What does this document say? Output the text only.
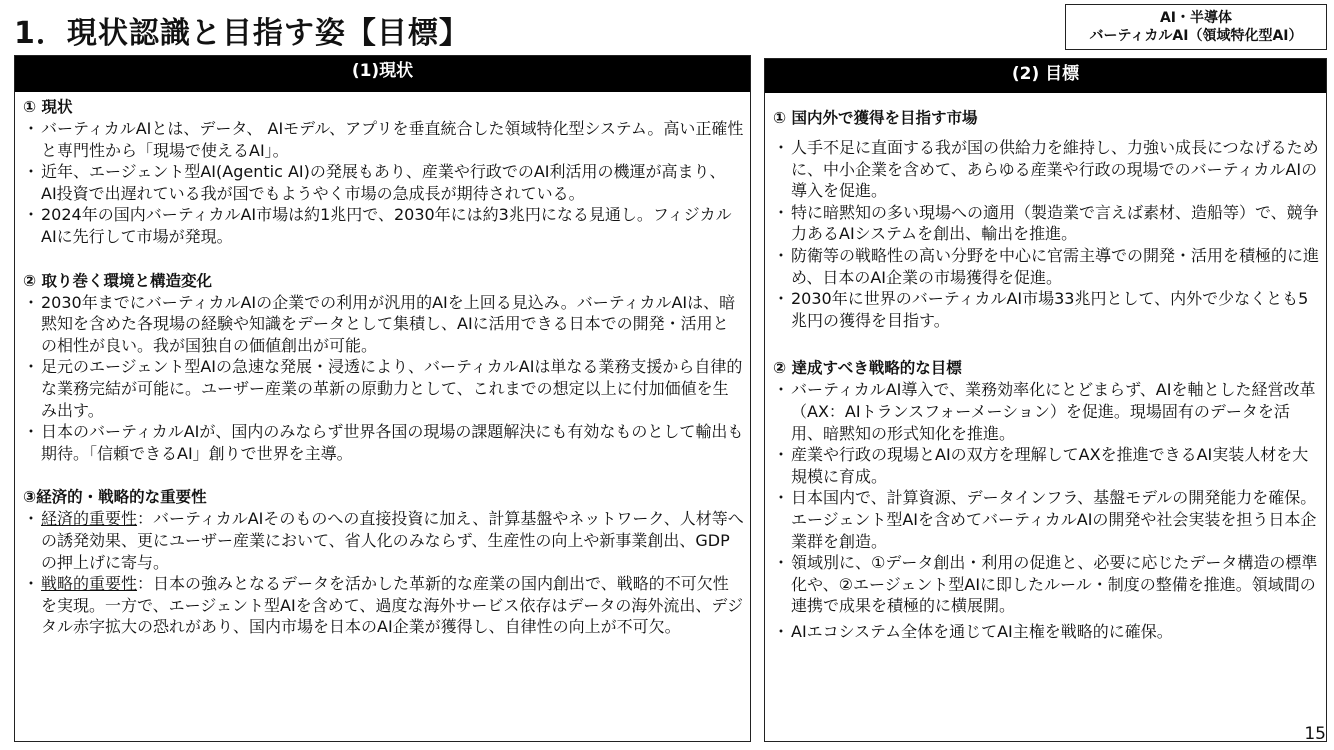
1．現状認識と目指す姿【目標】	AI・半導体
バーティカルAI（領域特化型AI）
(1)現状

① 現状

・ バーティカルAIとは、データ、 AIモデル、アプリを垂直統合した領域特化型システム。高い正確性と専門性から「現場で使えるAI」。

・ 近年、エージェント型AI(Agentic AI)の発展もあり、産業や行政でのAI利活用の機運が高まり、 AI投資で出遅れている我が国でもようやく市場の急成長が期待されている。

・ 2024年の国内バーティカルAI市場は約1兆円で、2030年には約3兆円になる見通し。フィジカルAIに先行して市場が発現。

② 取り巻く環境と構造変化

・ 2030年までにバーティカルAIの企業での利用が汎用的AIを上回る見込み。バーティカルAIは、暗黙知を含めた各現場の経験や知識をデータとして集積し、AIに活用できる日本での開発・活用との相性が良い。我が国独自の価値創出が可能。

・ 足元のエージェント型AIの急速な発展・浸透により、バーティカルAIは単なる業務支援から自律的な業務完結が可能に。ユーザー産業の革新の原動力として、これまでの想定以上に付加価値を生み出す。

・ 日本のバーティカルAIが、国内のみならず世界各国の現場の課題解決にも有効なものとして輸出も期待。「信頼できるAI」創りで世界を主導。

③経済的・戦略的な重要性

・ 経済的重要性：バーティカルAIそのものへの直接投資に加え、計算基盤やネットワーク、人材等への誘発効果、更にユーザー産業において、省人化のみならず、生産性の向上や新事業創出、GDPの押上げに寄与。

・ 戦略的重要性：日本の強みとなるデータを活かした革新的な産業の国内創出で、戦略的不可欠性を実現。一方で、エージェント型AIを含めて、過度な海外サービス依存はデータの海外流出、デジタル赤字拡大の恐れがあり、国内市場を日本のAI企業が獲得し、自律性の向上が不可欠。

(2) 目標

① 国内外で獲得を目指す市場

・ 人手不足に直面する我が国の供給力を維持し、力強い成長につなげるために、中小企業を含めて、あらゆる産業や行政の現場でのバーティカルAIの導入を促進。

・ 特に暗黙知の多い現場への適用（製造業で言えば素材、造船等）で、競争力あるAIシステムを創出、輸出を推進。

・ 防衛等の戦略性の高い分野を中心に官需主導での開発・活用を積極的に進め、日本のAI企業の市場獲得を促進。

・ 2030年に世界のバーティカルAI市場33兆円として、内外で少なくとも5兆円の獲得を目指す。

② 達成すべき戦略的な目標

・ バーティカルAI導入で、業務効率化にとどまらず、AIを軸とした経営改革（AX：AIトランスフォーメーション）を促進。現場固有のデータを活用、暗黙知の形式知化を推進。

・ 産業や行政の現場とAIの双方を理解してAXを推進できるAI実装人材を大規模に育成。

・ 日本国内で、計算資源、データインフラ、基盤モデルの開発能力を確保。エージェント型AIを含めてバーティカルAIの開発や社会実装を担う日本企業群を創造。

・ 領域別に、①データ創出・利用の促進と、必要に応じたデータ構造の標準化や、②エージェント型AIに即したルール・制度の整備を推進。領域間の連携で成果を積極的に横展開。

・ AIエコシステム全体を通じてAI主権を戦略的に確保。

15
